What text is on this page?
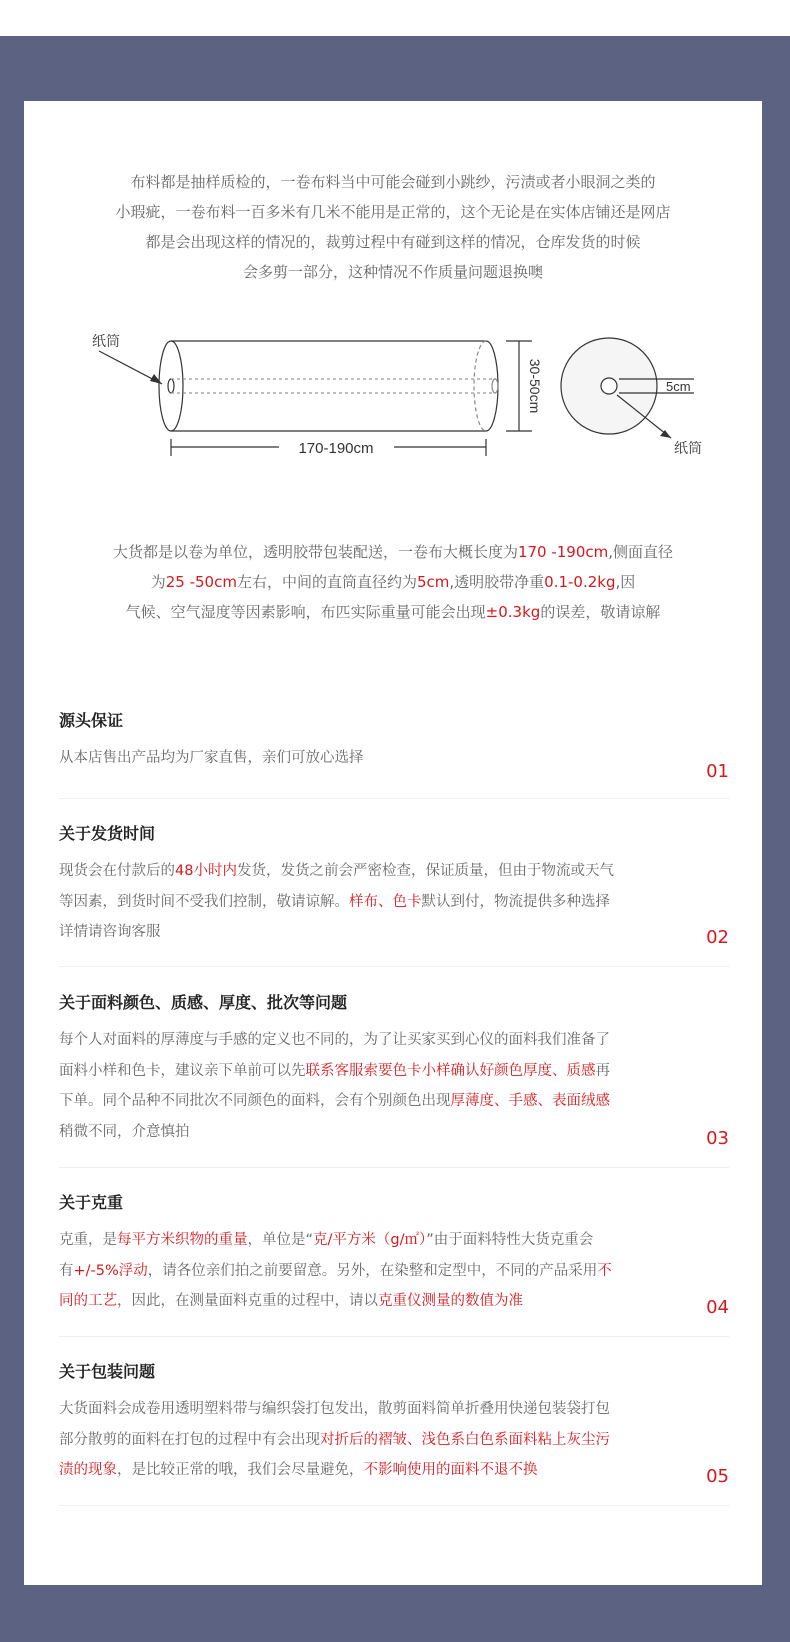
布料都是抽样质检的，一卷布料当中可能会碰到小跳纱，污渍或者小眼洞之类的
小瑕疵，一卷布料一百多米有几米不能用是正常的，这个无论是在实体店铺还是网店
都是会出现这样的情况的，裁剪过程中有碰到这样的情况，仓库发货的时候
会多剪一部分，这种情况不作质量问题退换噢
纸筒
170-190cm
30-50cm	5cm
纸筒
大货都是以卷为单位，透明胶带包装配送，一卷布大概长度为170 -190cm,侧面直径
为25 -50cm左右，中间的直筒直径约为5cm,透明胶带净重0.1-0.2kg,因
气候、空气湿度等因素影响，布匹实际重量可能会出现±0.3kg的误差，敬请谅解
源头保证
从本店售出产品均为厂家直售，亲们可放心选择
01
关于发货时间
现货会在付款后的48小时内发货，发货之前会严密检查，保证质量，但由于物流或天气
等因素，到货时间不受我们控制，敬请谅解。样布、色卡默认到付，物流提供多种选择
详情请咨询客服	02
关于面料颜色、质感、厚度、批次等问题
每个人对面料的厚薄度与手感的定义也不同的，为了让买家买到心仪的面料我们准备了
面料小样和色卡，建议亲下单前可以先联系客服索要色卡小样确认好颜色厚度、质感再
下单。同个品种不同批次不同颜色的面料，会有个别颜色出现厚薄度、手感、表面绒感
稍微不同，介意慎拍	03
关于克重
克重，是每平方米织物的重量，单位是“克/平方米（g/㎡）”由于面料特性大货克重会
有+/-5%浮动，请各位亲们拍之前要留意。另外，在染整和定型中，不同的产品采用不
同的工艺，因此，在测量面料克重的过程中，请以克重仪测量的数值为准	04
关于包装问题
大货面料会成卷用透明塑料带与编织袋打包发出，散剪面料简单折叠用快递包装袋打包
部分散剪的面料在打包的过程中有会出现对折后的褶皱、浅色系白色系面料粘上灰尘污
渍的现象，是比较正常的哦，我们会尽量避免，不影响使用的面料不退不换	05
